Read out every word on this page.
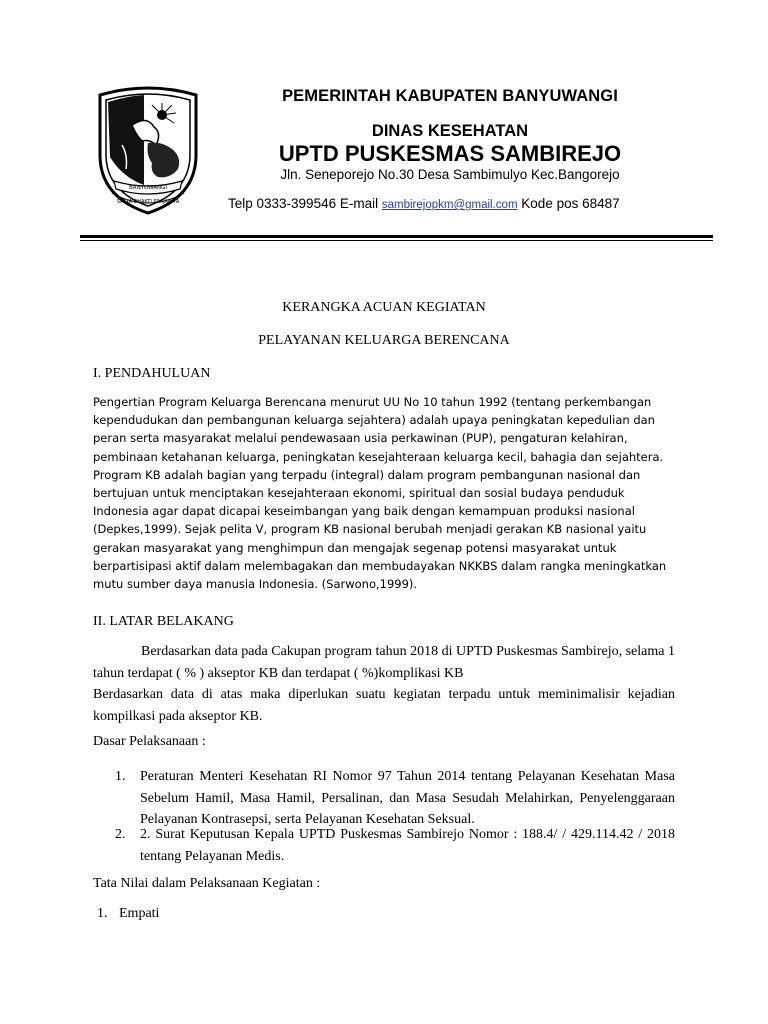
BANYUWANGI
SATYA BHAKTI PRAJAHITA
PEMERINTAH KABUPATEN BANYUWANGI
DINAS KESEHATAN
UPTD PUSKESMAS SAMBIREJO
Jln. Seneporejo No.30 Desa Sambimulyo Kec.Bangorejo
Telp 0333-399546 E-mail sambirejopkm@gmail.com Kode pos 68487
KERANGKA ACUAN KEGIATAN
PELAYANAN KELUARGA BERENCANA
I. PENDAHULUAN
Pengertian Program Keluarga Berencana menurut UU No 10 tahun 1992 (tentang perkembangan
kependudukan dan pembangunan keluarga sejahtera) adalah upaya peningkatan kepedulian dan
peran serta masyarakat melalui pendewasaan usia perkawinan (PUP), pengaturan kelahiran,
pembinaan ketahanan keluarga, peningkatan kesejahteraan keluarga kecil, bahagia dan sejahtera.
Program KB adalah bagian yang terpadu (integral) dalam program pembangunan nasional dan
bertujuan untuk menciptakan kesejahteraan ekonomi, spiritual dan sosial budaya penduduk
Indonesia agar dapat dicapai keseimbangan yang baik dengan kemampuan produksi nasional
(Depkes,1999). Sejak pelita V, program KB nasional berubah menjadi gerakan KB nasional yaitu
gerakan masyarakat yang menghimpun dan mengajak segenap potensi masyarakat untuk
berpartisipasi aktif dalam melembagakan dan membudayakan NKKBS dalam rangka meningkatkan
mutu sumber daya manusia Indonesia. (Sarwono,1999).
II. LATAR BELAKANG

Berdasarkan data pada Cakupan program tahun 2018 di UPTD Puskesmas Sambirejo, selama 1 tahun terdapat ( % ) akseptor KB dan terdapat ( %)komplikasi KB

Berdasarkan data di atas maka diperlukan suatu kegiatan terpadu untuk meminimalisir kejadian kompilkasi pada akseptor KB.

Dasar Pelaksanaan :
1. Peraturan Menteri Kesehatan RI Nomor 97 Tahun 2014 tentang Pelayanan Kesehatan Masa Sebelum Hamil, Masa Hamil, Persalinan, dan Masa Sesudah Melahirkan, Penyelenggaraan Pelayanan Kontrasepsi, serta Pelayanan Kesehatan Seksual.
2. 2. Surat Keputusan Kepala UPTD Puskesmas Sambirejo Nomor : 188.4/ / 429.114.42 / 2018 tentang Pelayanan Medis.
Tata Nilai dalam Pelaksanaan Kegiatan :
1. Empati
